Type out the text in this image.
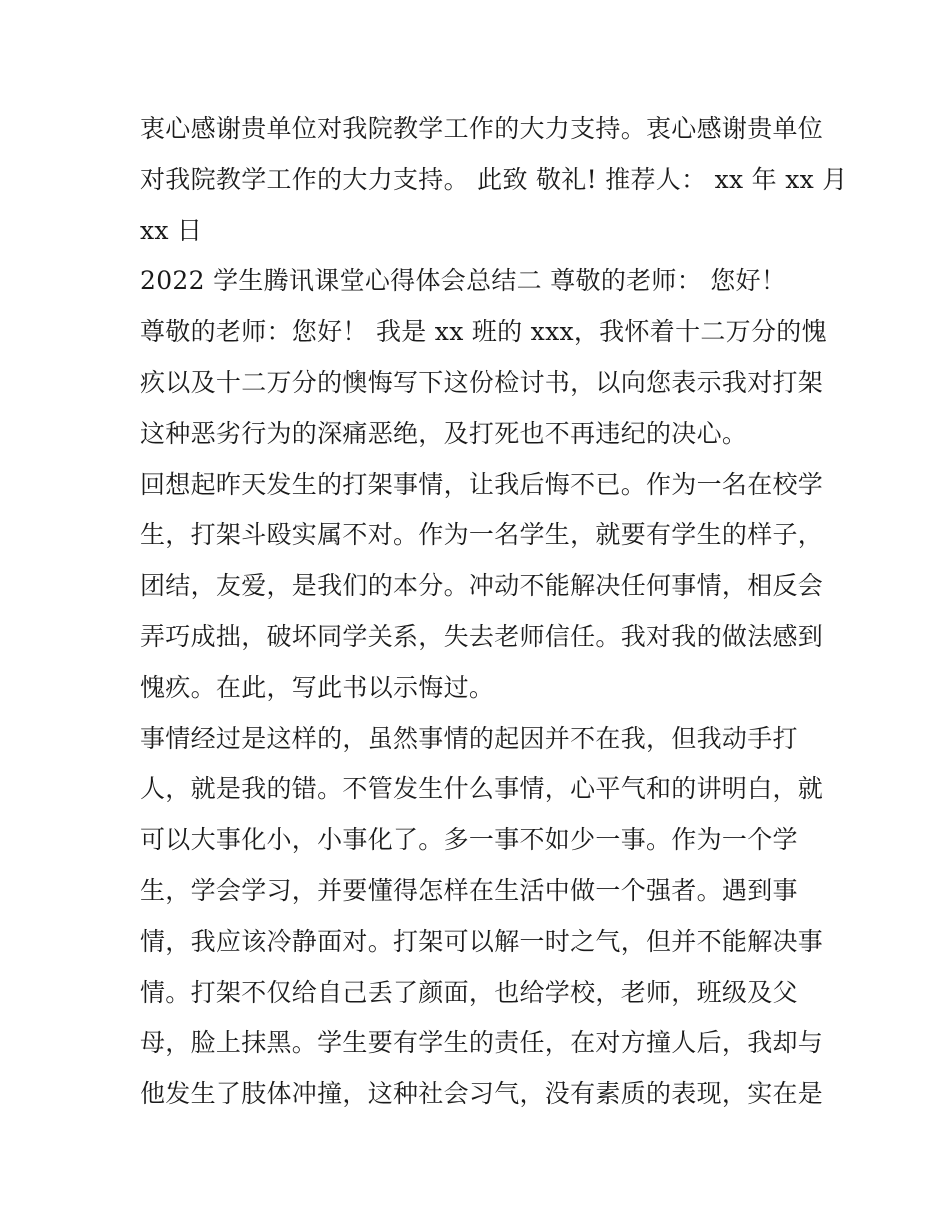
衷心感谢贵单位对我院教学工作的大力支持。衷心感谢贵单位
对我院教学工作的大力支持。 此致 敬礼! 推荐人： xx 年 xx 月
xx 日
2022 学生腾讯课堂心得体会总结二 尊敬的老师： 您好！
尊敬的老师：您好！ 我是 xx 班的 xxx，我怀着十二万分的愧
疚以及十二万分的懊悔写下这份检讨书，以向您表示我对打架
这种恶劣行为的深痛恶绝，及打死也不再违纪的决心。
回想起昨天发生的打架事情，让我后悔不已。作为一名在校学
生，打架斗殴实属不对。作为一名学生，就要有学生的样子，
团结，友爱，是我们的本分。冲动不能解决任何事情，相反会
弄巧成拙，破坏同学关系，失去老师信任。我对我的做法感到
愧疚。在此，写此书以示悔过。
事情经过是这样的，虽然事情的起因并不在我，但我动手打
人，就是我的错。不管发生什么事情，心平气和的讲明白，就
可以大事化小，小事化了。多一事不如少一事。作为一个学
生，学会学习，并要懂得怎样在生活中做一个强者。遇到事
情，我应该冷静面对。打架可以解一时之气，但并不能解决事
情。打架不仅给自己丢了颜面，也给学校，老师，班级及父
母，脸上抹黑。学生要有学生的责任，在对方撞人后，我却与
他发生了肢体冲撞，这种社会习气，没有素质的表现，实在是
